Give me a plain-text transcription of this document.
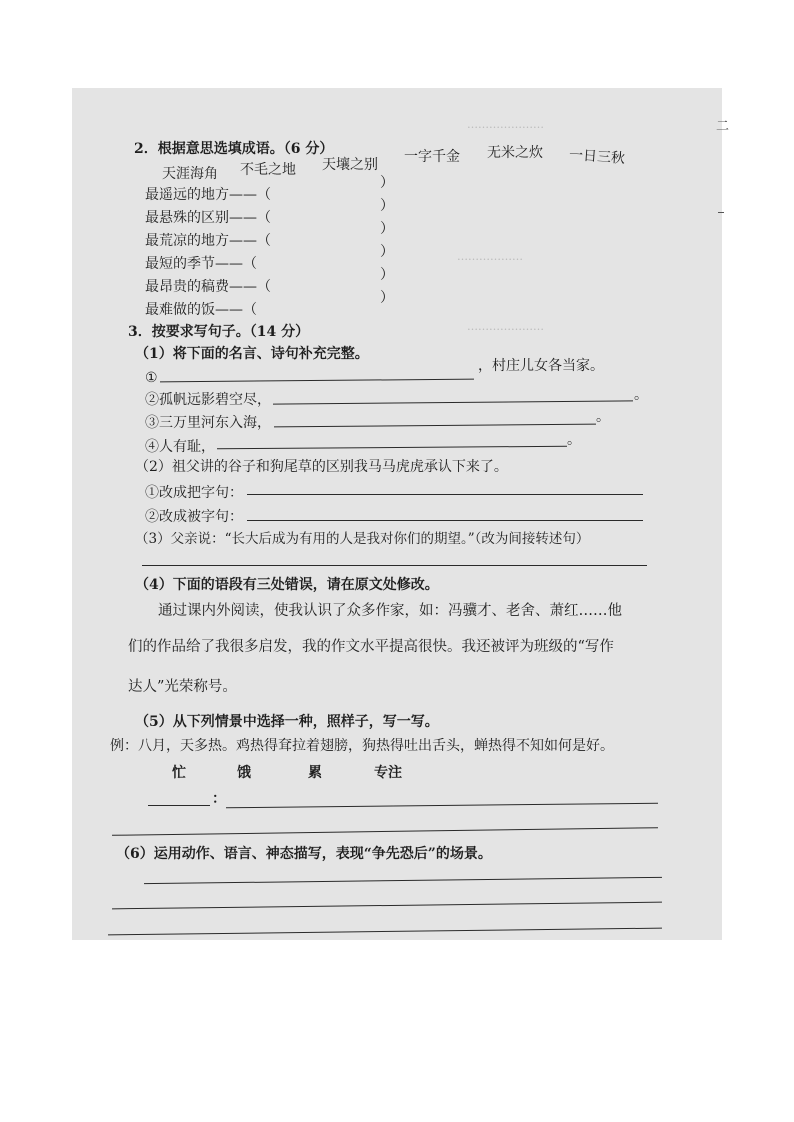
…………………
………………
…………………
2．根据意思选填成语。（6 分）
天涯海角 不毛之地 天壤之别 一字千金 无米之炊 一日三秋
最遥远的地方——（
最悬殊的区别——（
最荒凉的地方——（
最短的季节——（
最昂贵的稿费——（
最难做的饭——（
）
）
）
）
）
）
3．按要求写句子。（14 分）
（1）将下面的名言、诗句补充完整。
①
，村庄儿女各当家。
②孤帆远影碧空尽，	。
③三万里河东入海，	。
④人有耻，	。
（2）祖父讲的谷子和狗尾草的区别我马马虎虎承认下来了。
①改成把字句：
②改成被字句：
（3）父亲说：“长大后成为有用的人是我对你们的期望。”（改为间接转述句）
（4）下面的语段有三处错误，请在原文处修改。
通过课内外阅读，使我认识了众多作家，如：冯骥才、老舍、萧红……他
们的作品给了我很多启发，我的作文水平提高很快。我还被评为班级的“写作
达人”光荣称号。
（5）从下列情景中选择一种，照样子，写一写。
例：八月，天多热。鸡热得耷拉着翅膀，狗热得吐出舌头，蝉热得不知如何是好。
忙	饿	累	专注
：
（6）运用动作、语言、神态描写，表现“争先恐后”的场景。
二
